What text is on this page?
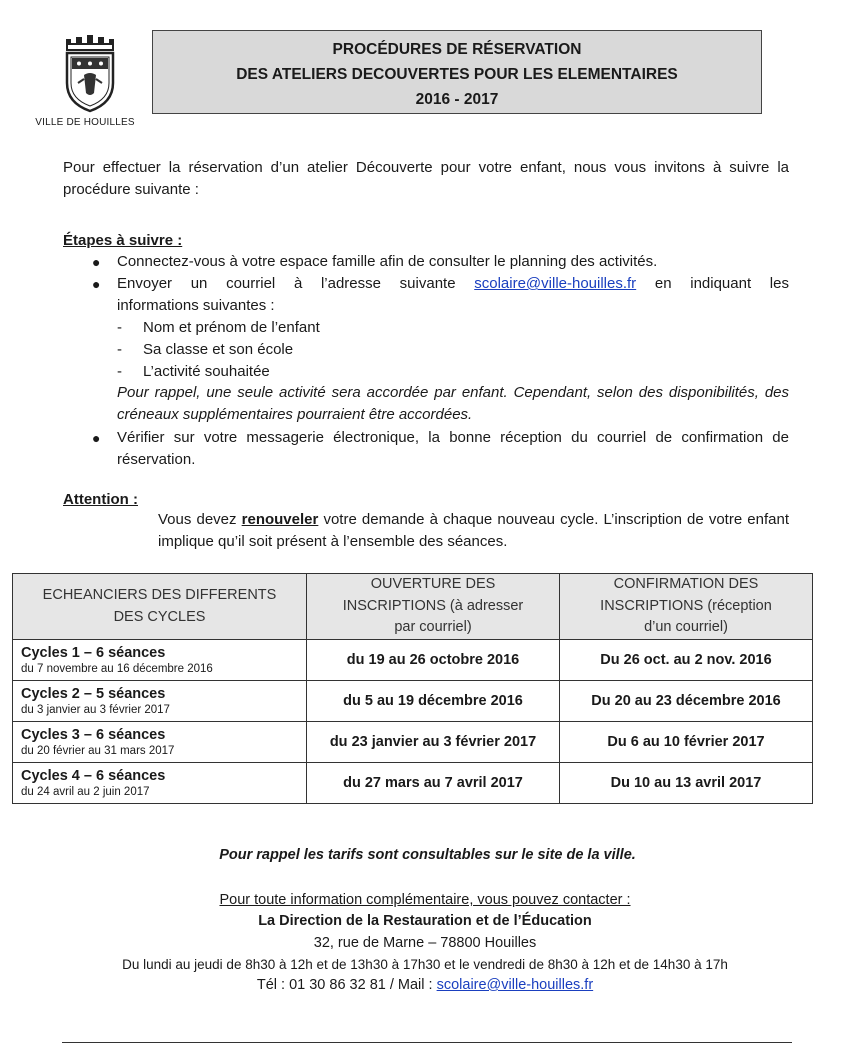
VILLE DE HOUILLES
PROCÉDURES DE RÉSERVATION
DES ATELIERS DECOUVERTES POUR LES ELEMENTAIRES
2016 - 2017
Pour effectuer la réservation d’un atelier Découverte pour votre enfant, nous vous invitons à suivre la procédure suivante :
Étapes à suivre :
●	Connectez-vous à votre espace famille afin de consulter le planning des activités.
●	Envoyer un courriel à l’adresse suivante scolaire@ville-houilles.fr en indiquant les
informations suivantes :
- Nom et prénom de l’enfant
- Sa classe et son école
- L’activité souhaitée
Pour rappel, une seule activité sera accordée par enfant. Cependant, selon des disponibilités, des créneaux supplémentaires pourraient être accordées.
●	Vérifier sur votre messagerie électronique, la bonne réception du courriel de confirmation de réservation.
Attention :
Vous devez renouveler votre demande à chaque nouveau cycle. L’inscription de votre enfant implique qu’il soit présent à l’ensemble des séances.
ECHEANCIERS DES DIFFERENTS DES CYCLES	OUVERTURE DES INSCRIPTIONS (à adresser par courriel)	CONFIRMATION DES INSCRIPTIONS (réception d’un courriel)

Cycles 1 – 6 séances
du 7 novembre au 16 décembre 2016	du 19 au 26 octobre 2016	Du 26 oct. au 2 nov. 2016

Cycles 2 – 5 séances
du 3 janvier au 3 février 2017	du 5 au 19 décembre 2016	Du 20 au 23 décembre 2016

Cycles 3 – 6 séances
du 20 février au 31 mars 2017	du 23 janvier au 3 février 2017	Du 6 au 10 février 2017

Cycles 4 – 6 séances
du 24 avril au 2 juin 2017	du 27 mars au 7 avril 2017	Du 10 au 13 avril 2017
Pour rappel les tarifs sont consultables sur le site de la ville.
Pour toute information complémentaire, vous pouvez contacter :
La Direction de la Restauration et de l’Éducation
32, rue de Marne – 78800 Houilles
Du lundi au jeudi de 8h30 à 12h et de 13h30 à 17h30 et le vendredi de 8h30 à 12h et de 14h30 à 17h
Tél : 01 30 86 32 81 / Mail : scolaire@ville-houilles.fr
